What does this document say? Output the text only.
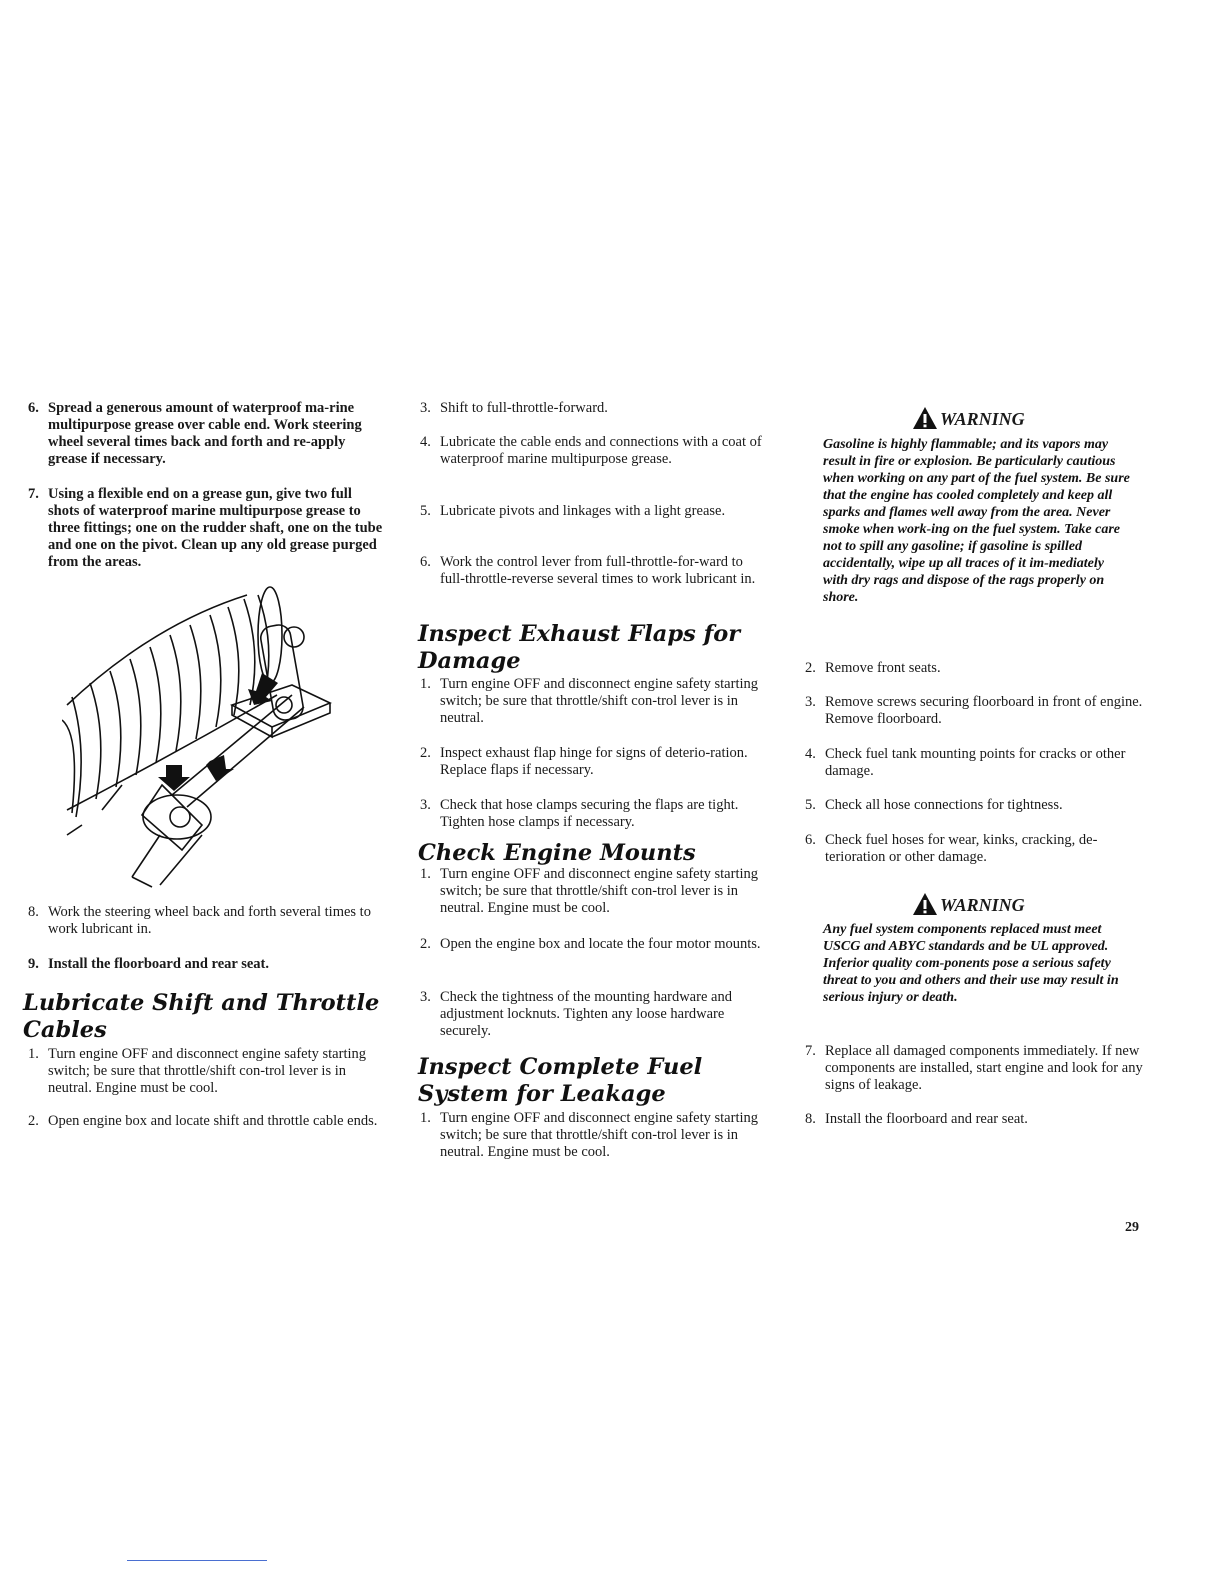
6. Spread a generous amount of waterproof ma-rine multipurpose grease over cable end. Work steering wheel several times back and forth and re-apply grease if necessary.
7. Using a flexible end on a grease gun, give two full shots of waterproof marine multipurpose grease to three fittings; one on the rudder shaft, one on the tube and one on the pivot. Clean up any old grease purged from the areas.
8. Work the steering wheel back and forth several times to work lubricant in.
9. Install the floorboard and rear seat.
Lubricate Shift and Throttle Cables
1. Turn engine OFF and disconnect engine safety starting switch; be sure that throttle/shift con-trol lever is in neutral. Engine must be cool.
2. Open engine box and locate shift and throttle cable ends.
3. Shift to full-throttle-forward.
4. Lubricate the cable ends and connections with a coat of waterproof marine multipurpose grease.
5. Lubricate pivots and linkages with a light grease.
6. Work the control lever from full-throttle-for-ward to full-throttle-reverse several times to work lubricant in.
Inspect Exhaust Flaps for Damage
1. Turn engine OFF and disconnect engine safety starting switch; be sure that throttle/shift con-trol lever is in neutral.
2. Inspect exhaust flap hinge for signs of deterio-ration. Replace flaps if necessary.
3. Check that hose clamps securing the flaps are tight. Tighten hose clamps if necessary.
Check Engine Mounts
1. Turn engine OFF and disconnect engine safety starting switch; be sure that throttle/shift con-trol lever is in neutral. Engine must be cool.
2. Open the engine box and locate the four motor mounts.
3. Check the tightness of the mounting hardware and adjustment locknuts. Tighten any loose hardware securely.
Inspect Complete Fuel System for Leakage
1. Turn engine OFF and disconnect engine safety starting switch; be sure that throttle/shift con-trol lever is in neutral. Engine must be cool.
WARNING
Gasoline is highly flammable; and its vapors may result in fire or explosion. Be particularly cautious when working on any part of the fuel system. Be sure that the engine has cooled completely and keep all sparks and flames well away from the area. Never smoke when work-ing on the fuel system. Take care not to spill any gasoline; if gasoline is spilled accidentally, wipe up all traces of it im-mediately with dry rags and dispose of the rags properly on shore.
2. Remove front seats.
3. Remove screws securing floorboard in front of engine. Remove floorboard.
4. Check fuel tank mounting points for cracks or other damage.
5. Check all hose connections for tightness.
6. Check fuel hoses for wear, kinks, cracking, de-terioration or other damage.
WARNING
Any fuel system components replaced must meet USCG and ABYC standards and be UL approved. Inferior quality com-ponents pose a serious safety threat to you and others and their use may result in serious injury or death.
7. Replace all damaged components immediately. If new components are installed, start engine and look for any signs of leakage.
8. Install the floorboard and rear seat.
29
